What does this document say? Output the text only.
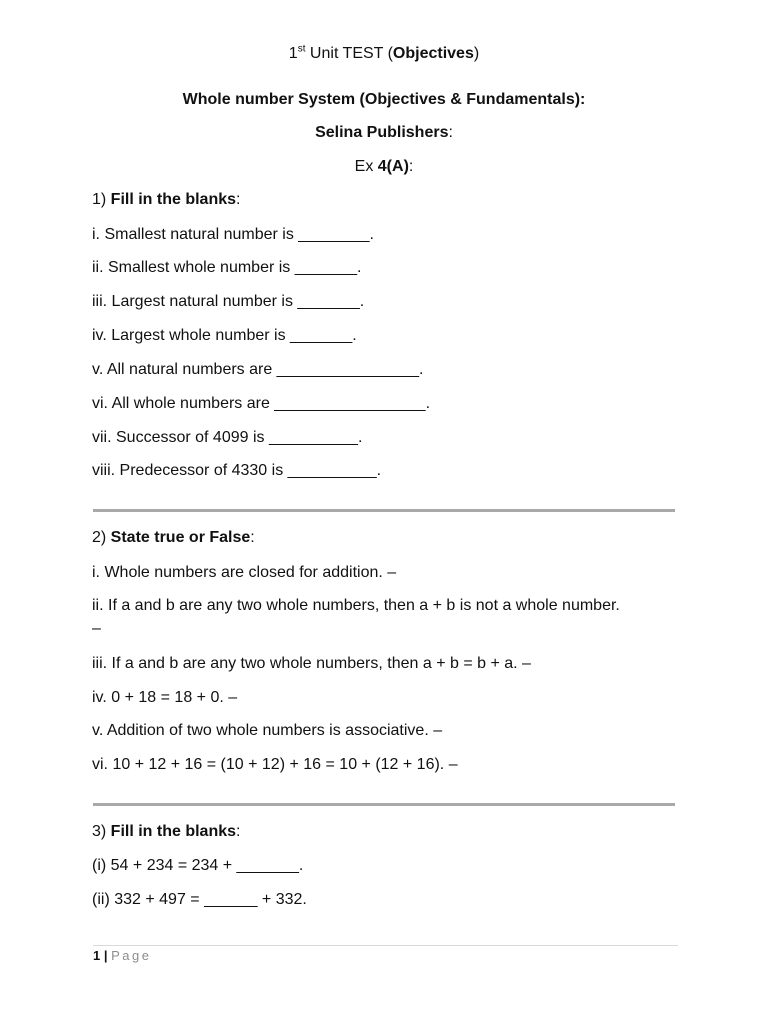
1st Unit TEST (Objectives)
Whole number System (Objectives & Fundamentals):
Selina Publishers:
Ex 4(A):
1) Fill in the blanks:
i. Smallest natural number is ________.
ii. Smallest whole number is _______.
iii. Largest natural number is _______.
iv. Largest whole number is _______.
v. All natural numbers are ________________.
vi. All whole numbers are _________________.
vii. Successor of 4099 is __________.
viii. Predecessor of 4330 is __________.
2) State true or False:
i. Whole numbers are closed for addition. –
ii. If a and b are any two whole numbers, then a + b is not a whole number.
–
iii. If a and b are any two whole numbers, then a + b = b + a. –
iv. 0 + 18 = 18 + 0. –
v. Addition of two whole numbers is associative. –
vi. 10 + 12 + 16 = (10 + 12) + 16 = 10 + (12 + 16). –
3) Fill in the blanks:
(i) 54 + 234 = 234 + _______.
(ii) 332 + 497 = ______ + 332.
1 | Page
